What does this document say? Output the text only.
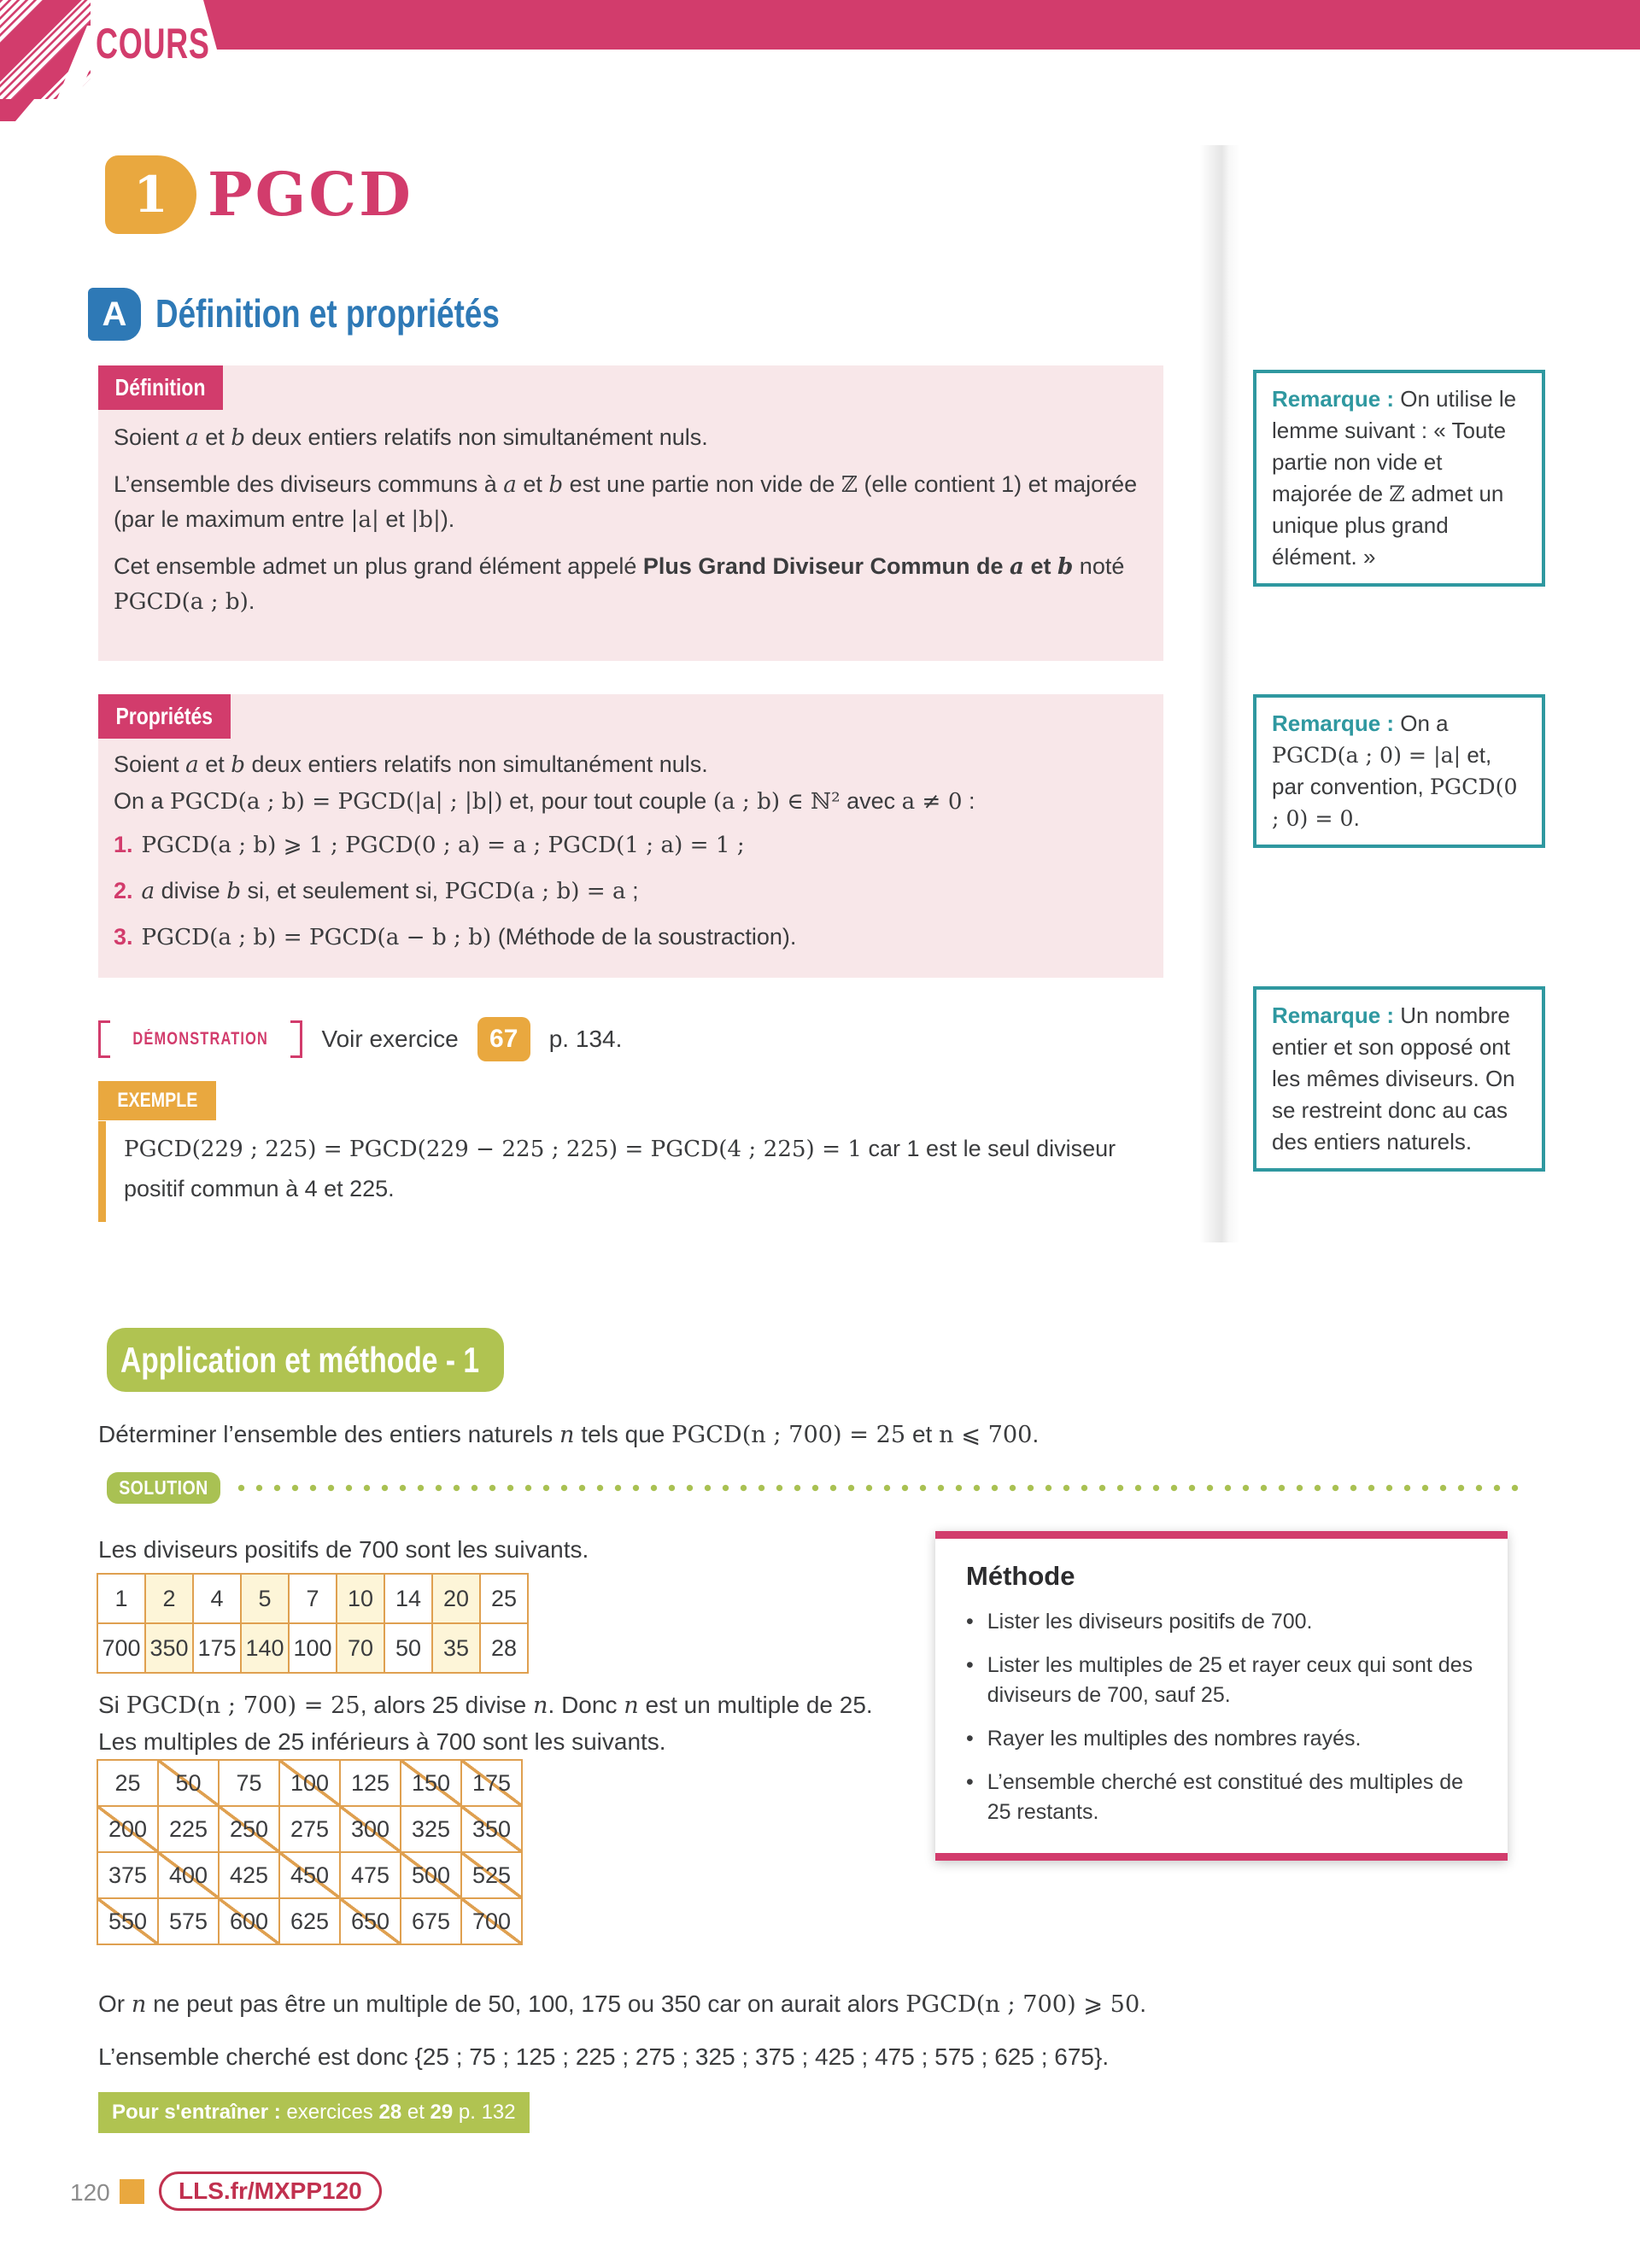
COURS
1 PGCD
A Définition et propriétés
Définition

Soient a et b deux entiers relatifs non simultanément nuls.

L’ensemble des diviseurs communs à a et b est une partie non vide de ℤ (elle contient 1) et majorée (par le maximum entre |a| et |b|).

Cet ensemble admet un plus grand élément appelé Plus Grand Diviseur Commun de a et b noté PGCD(a ; b).

Remarque : On utilise le lemme suivant : « Toute partie non vide et majorée de ℤ admet un unique plus grand élément. »
Propriétés

Soient a et b deux entiers relatifs non simultanément nuls.

On a PGCD(a ; b) = PGCD(|a| ; |b|) et, pour tout couple (a ; b) ∈ ℕ² avec a ≠ 0 :

1. PGCD(a ; b) ⩾ 1 ; PGCD(0 ; a) = a ; PGCD(1 ; a) = 1 ;
2. a divise b si, et seulement si, PGCD(a ; b) = a ;
3. PGCD(a ; b) = PGCD(a − b ; b) (Méthode de la soustraction).
Remarque : On a PGCD(a ; 0) = |a| et, par convention, PGCD(0 ; 0) = 0.
DÉMONSTRATION	Voir exercice	67	p. 134.
EXEMPLE
PGCD(229 ; 225) = PGCD(229 − 225 ; 225) = PGCD(4 ; 225) = 1 car 1 est le seul diviseur positif commun à 4 et 225.
Remarque : Un nombre entier et son opposé ont les mêmes diviseurs. On se restreint donc au cas des entiers naturels.
Application et méthode - 1
Déterminer l’ensemble des entiers naturels n tels que PGCD(n ; 700) = 25 et n ⩽ 700.
SOLUTION
Les diviseurs positifs de 700 sont les suivants.
1	2	4	5	7	10	14	20	25
700	350	175	140	100	70	50	35	28
Si PGCD(n ; 700) = 25, alors 25 divise n. Donc n est un multiple de 25. Les multiples de 25 inférieurs à 700 sont les suivants.
25	50	75	100	125	150	175
200	225	250	275	300	325	350
375	400	425	450	475	500	525
550	575	600	625	650	675	700
Méthode
• Lister les diviseurs positifs de 700.
• Lister les multiples de 25 et rayer ceux qui sont des diviseurs de 700, sauf 25.
• Rayer les multiples des nombres rayés.
• L’ensemble cherché est constitué des multiples de 25 restants.
Or n ne peut pas être un multiple de 50, 100, 175 ou 350 car on aurait alors PGCD(n ; 700) ⩾ 50.
L’ensemble cherché est donc {25 ; 75 ; 125 ; 225 ; 275 ; 325 ; 375 ; 425 ; 475 ; 575 ; 625 ; 675}.
Pour s'entraîner : exercices 28 et 29 p. 132
120	LLS.fr/MXPP120
